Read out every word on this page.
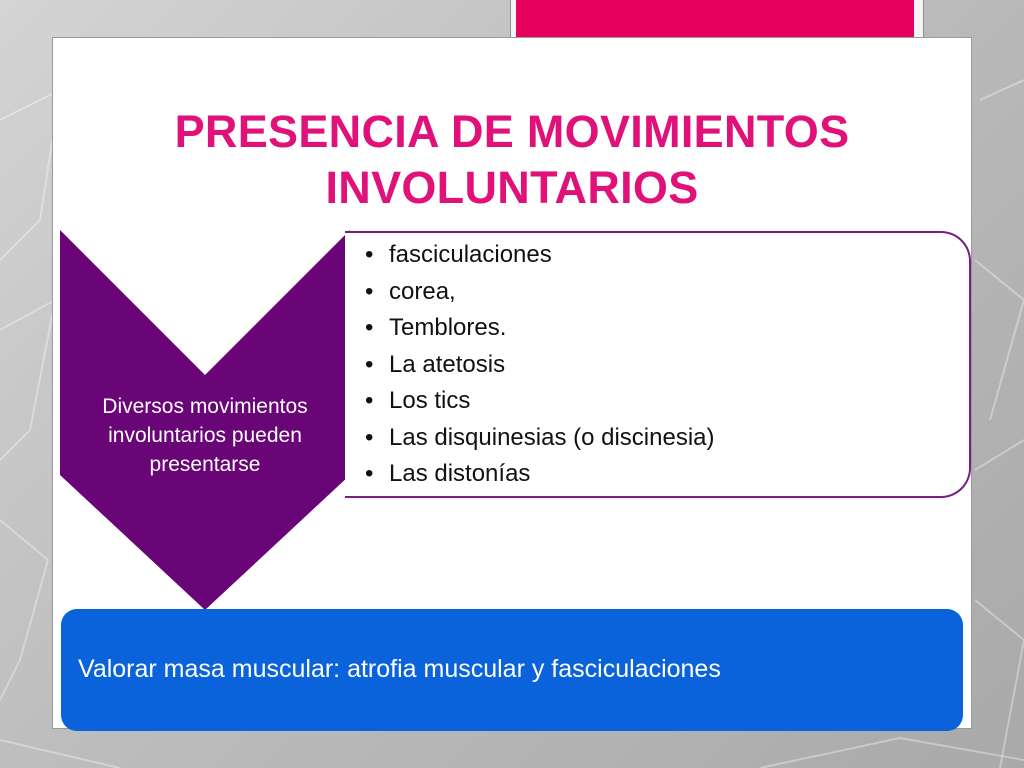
PRESENCIA DE MOVIMIENTOS
INVOLUNTARIOS
Diversos movimientos
involuntarios pueden
presentarse
• fasciculaciones
• corea,
• Temblores.
• La atetosis
• Los tics
• Las disquinesias (o discinesia)
• Las distonías
Valorar masa muscular: atrofia muscular y fasciculaciones
